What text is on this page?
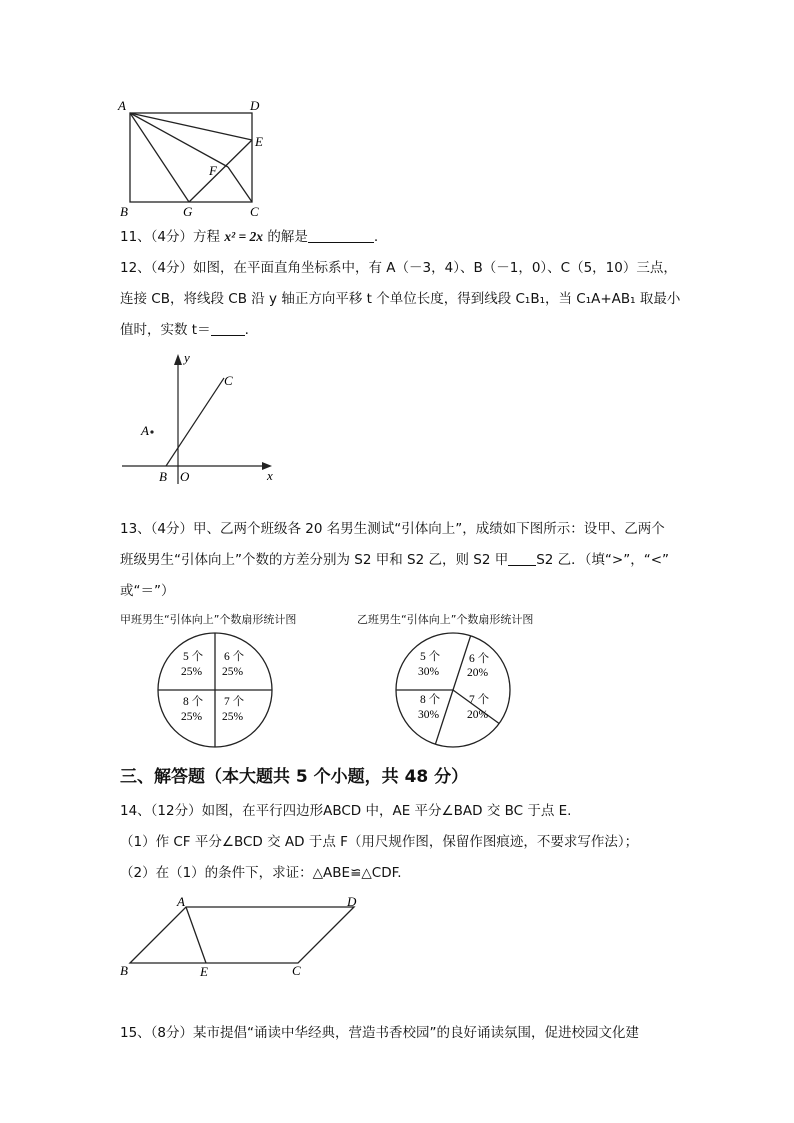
A	D
E
F
B	G	C
11、（4分）方程 x² = 2x 的解是	.
12、（4分）如图，在平面直角坐标系中，有 A（－3，4）、B（－1，0）、C（5，10）三点，
连接 CB，将线段 CB 沿 y 轴正方向平移 t 个单位长度，得到线段 C₁B₁，当 C₁A+AB₁ 取最小
值时，实数 t＝	.
y
x
C
A
B O
13、（4分）甲、乙两个班级各 20 名男生测试“引体向上”，成绩如下图所示：设甲、乙两个
班级男生“引体向上”个数的方差分别为 S2 甲和 S2 乙，则 S2 甲 S2 乙．（填“>”，“<”
或“＝”）
甲班男生“引体向上”个数扇形统计图	乙班男生“引体向上”个数扇形统计图
5 个
25%
6 个
25%
7 个
25%
8 个
25%
5 个
30%
6 个
20%
7 个
20%
8 个
30%
三、解答题（本大题共 5 个小题，共 48 分）
14、（12分）如图，在平行四边形ABCD 中，AE 平分∠BAD 交 BC 于点 E.
（1）作 CF 平分∠BCD 交 AD 于点 F（用尺规作图，保留作图痕迹，不要求写作法）；
（2）在（1）的条件下，求证：△ABE≌△CDF.
A	D
B	E	C
15、（8分）某市提倡“诵读中华经典，营造书香校园”的良好诵读氛围，促进校园文化建
